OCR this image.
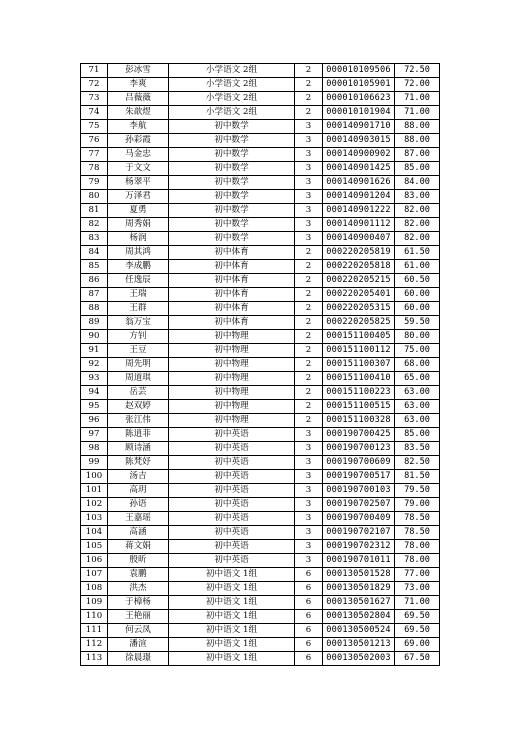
71	彭冰雪	小学语文 2组	2	000010109506	72.50
72	李爽	小学语文 2组	2	000010105901	72.00
73	吕薇薇	小学语文 2组	2	000010106623	71.00
74	朱歆煜	小学语文 2组	2	000010101904	71.00
75	李航	初中数学	3	000140901710	88.00
76	孙彩霞	初中数学	3	000140903015	88.00
77	马金忠	初中数学	3	000140900902	87.00
78	于文文	初中数学	3	000140901425	85.00
79	杨翠平	初中数学	3	000140901626	84.00
80	万泽君	初中数学	3	000140901204	83.00
81	夏勇	初中数学	3	000140901222	82.00
82	周秀娟	初中数学	3	000140901112	82.00
83	杨润	初中数学	3	000140900407	82.00
84	周其鸿	初中体育	2	000220205819	61.50
85	李成鹏	初中体育	2	000220205818	61.00
86	任逸辰	初中体育	2	000220205215	60.50
87	王瑞	初中体育	2	000220205401	60.00
88	王群	初中体育	2	000220205315	60.00
89	翁万宝	初中体育	2	000220205825	59.50
90	方钊	初中物理	2	000151100405	80.00
91	王豆	初中物理	2	000151100112	75.00
92	周先明	初中物理	2	000151100307	68.00
93	周道琪	初中物理	2	000151100410	65.00
94	岳芸	初中物理	2	000151100223	63.00
95	赵双婷	初中物理	2	000151100515	63.00
96	张江伟	初中物理	2	000151100328	63.00
97	陈逍菲	初中英语	3	000190700425	85.00
98	顾诗涵	初中英语	3	000190700123	83.50
99	陈梵妤	初中英语	3	000190700609	82.50
100	汤吉	初中英语	3	000190700517	81.50
101	高玥	初中英语	3	000190700103	79.50
102	孙语	初中英语	3	000190702507	79.00
103	王嘉瑶	初中英语	3	000190700409	78.50
104	高涵	初中英语	3	000190702107	78.50
105	蒋文娟	初中英语	3	000190702312	78.00
106	殷昕	初中英语	3	000190701011	78.00
107	袁鹏	初中语文 1组	6	000130501528	77.00
108	洪杰	初中语文 1组	6	000130501829	73.00
109	于樟杨	初中语文 1组	6	000130501627	71.00
110	王艳丽	初中语文 1组	6	000130502804	69.50
111	何云凤	初中语文 1组	6	000130500524	69.50
112	潘渲	初中语文 1组	6	000130501213	69.00
113	徐晨璟	初中语文 1组	6	000130502003	67.50
